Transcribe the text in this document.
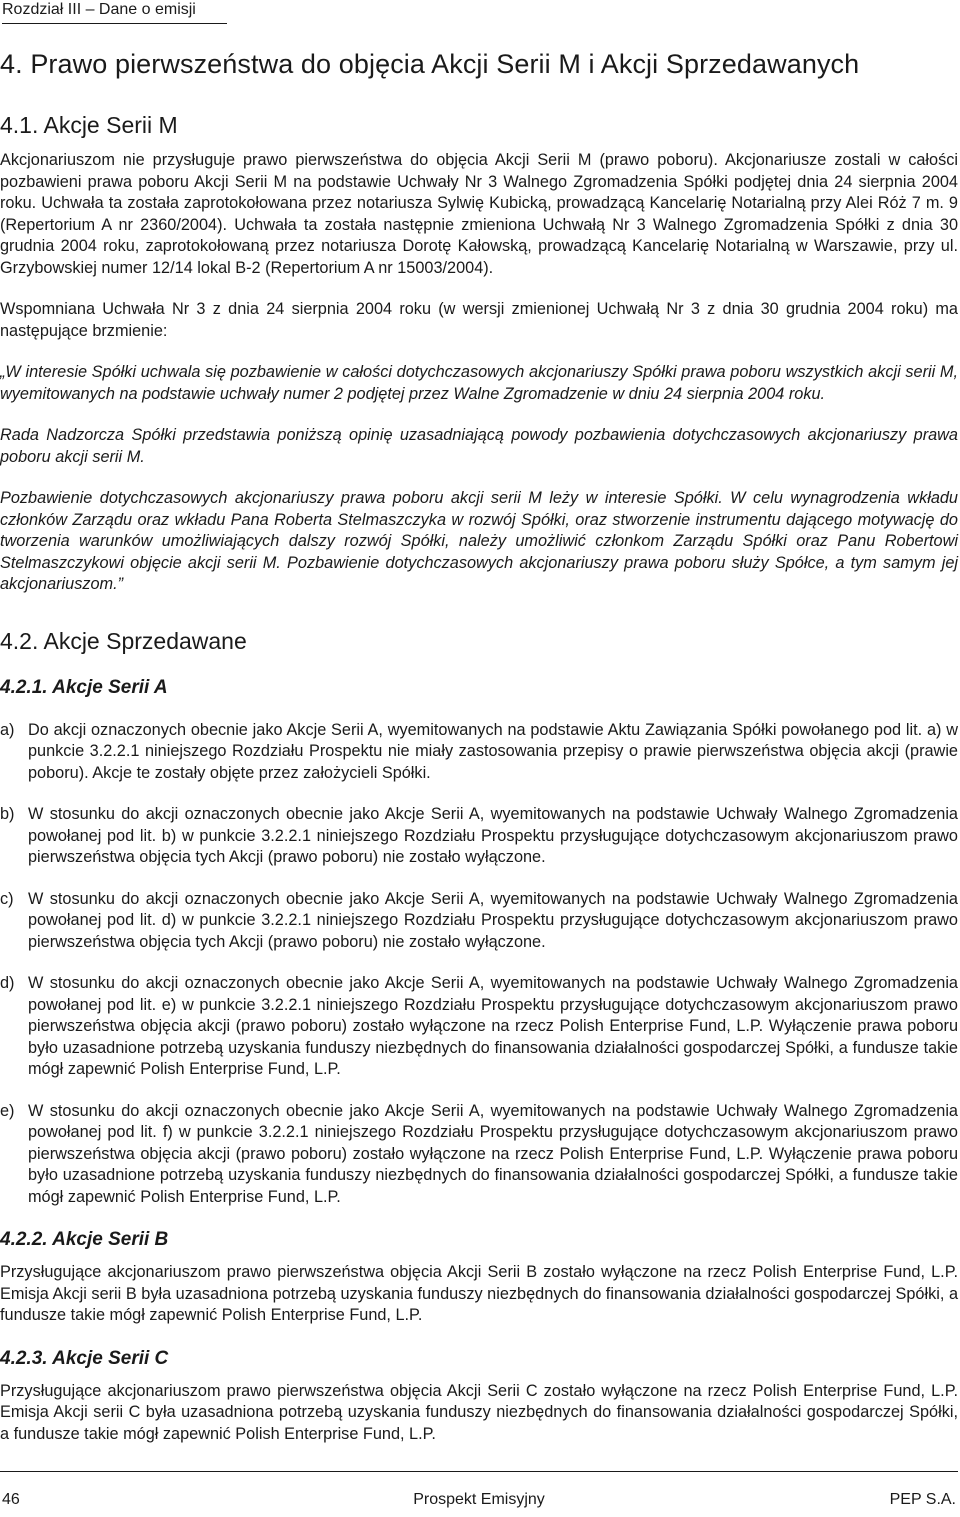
Rozdział III – Dane o emisji
4. Prawo pierwszeństwa do objęcia Akcji Serii M i Akcji Sprzedawanych
4.1. Akcje Serii M

Akcjonariuszom nie przysługuje prawo pierwszeństwa do objęcia Akcji Serii M (prawo poboru). Akcjonariusze zostali w całości pozbawieni prawa poboru Akcji Serii M na podstawie Uchwały Nr 3 Walnego Zgromadzenia Spółki podjętej dnia 24 sierpnia 2004 roku. Uchwała ta została zaprotokołowana przez notariusza Sylwię Kubicką, prowadzącą Kancelarię Notarialną przy Alei Róż 7 m. 9 (Repertorium A nr 2360/2004). Uchwała ta została następnie zmieniona Uchwałą Nr 3 Walnego Zgromadzenia Spółki z dnia 30 grudnia 2004 roku, zaprotokołowaną przez notariusza Dorotę Kałowską, prowadzącą Kancelarię Notarialną w Warszawie, przy ul. Grzybowskiej numer 12/14 lokal B-2 (Repertorium A nr 15003/2004).

Wspomniana Uchwała Nr 3 z dnia 24 sierpnia 2004 roku (w wersji zmienionej Uchwałą Nr 3 z dnia 30 grudnia 2004 roku) ma następujące brzmienie:

„W interesie Spółki uchwala się pozbawienie w całości dotychczasowych akcjonariuszy Spółki prawa poboru wszystkich akcji serii M, wyemitowanych na podstawie uchwały numer 2 podjętej przez Walne Zgromadzenie w dniu 24 sierpnia 2004 roku.

Rada Nadzorcza Spółki przedstawia poniższą opinię uzasadniającą powody pozbawienia dotychczasowych akcjonariuszy prawa poboru akcji serii M.

Pozbawienie dotychczasowych akcjonariuszy prawa poboru akcji serii M leży w interesie Spółki. W celu wynagrodzenia wkładu członków Zarządu oraz wkładu Pana Roberta Stelmaszczyka w rozwój Spółki, oraz stworzenie instrumentu dającego motywację do tworzenia warunków umożliwiających dalszy rozwój Spółki, należy umożliwić członkom Zarządu Spółki oraz Panu Robertowi Stelmaszczykowi objęcie akcji serii M. Pozbawienie dotychczasowych akcjonariuszy prawa poboru służy Spółce, a tym samym jej akcjonariuszom.”

4.2. Akcje Sprzedawane
4.2.1. Akcje Serii A
a) Do akcji oznaczonych obecnie jako Akcje Serii A, wyemitowanych na podstawie Aktu Zawiązania Spółki powołanego pod lit. a) w punkcie 3.2.2.1 niniejszego Rozdziału Prospektu nie miały zastosowania przepisy o prawie pierwszeństwa objęcia akcji (prawie poboru). Akcje te zostały objęte przez założycieli Spółki.
b) W stosunku do akcji oznaczonych obecnie jako Akcje Serii A, wyemitowanych na podstawie Uchwały Walnego Zgromadzenia powołanej pod lit. b) w punkcie 3.2.2.1 niniejszego Rozdziału Prospektu przysługujące dotychczasowym akcjonariuszom prawo pierwszeństwa objęcia tych Akcji (prawo poboru) nie zostało wyłączone.
c) W stosunku do akcji oznaczonych obecnie jako Akcje Serii A, wyemitowanych na podstawie Uchwały Walnego Zgromadzenia powołanej pod lit. d) w punkcie 3.2.2.1 niniejszego Rozdziału Prospektu przysługujące dotychczasowym akcjonariuszom prawo pierwszeństwa objęcia tych Akcji (prawo poboru) nie zostało wyłączone.
d) W stosunku do akcji oznaczonych obecnie jako Akcje Serii A, wyemitowanych na podstawie Uchwały Walnego Zgromadzenia powołanej pod lit. e) w punkcie 3.2.2.1 niniejszego Rozdziału Prospektu przysługujące dotychczasowym akcjonariuszom prawo pierwszeństwa objęcia akcji (prawo poboru) zostało wyłączone na rzecz Polish Enterprise Fund, L.P. Wyłączenie prawa poboru było uzasadnione potrzebą uzyskania funduszy niezbędnych do finansowania działalności gospodarczej Spółki, a fundusze takie mógł zapewnić Polish Enterprise Fund, L.P.
e) W stosunku do akcji oznaczonych obecnie jako Akcje Serii A, wyemitowanych na podstawie Uchwały Walnego Zgromadzenia powołanej pod lit. f) w punkcie 3.2.2.1 niniejszego Rozdziału Prospektu przysługujące dotychczasowym akcjonariuszom prawo pierwszeństwa objęcia akcji (prawo poboru) zostało wyłączone na rzecz Polish Enterprise Fund, L.P. Wyłączenie prawa poboru było uzasadnione potrzebą uzyskania funduszy niezbędnych do finansowania działalności gospodarczej Spółki, a fundusze takie mógł zapewnić Polish Enterprise Fund, L.P.
4.2.2. Akcje Serii B

Przysługujące akcjonariuszom prawo pierwszeństwa objęcia Akcji Serii B zostało wyłączone na rzecz Polish Enterprise Fund, L.P. Emisja Akcji serii B była uzasadniona potrzebą uzyskania funduszy niezbędnych do finansowania działalności gospodarczej Spółki, a fundusze takie mógł zapewnić Polish Enterprise Fund, L.P.

4.2.3. Akcje Serii C

Przysługujące akcjonariuszom prawo pierwszeństwa objęcia Akcji Serii C zostało wyłączone na rzecz Polish Enterprise Fund, L.P. Emisja Akcji serii C była uzasadniona potrzebą uzyskania funduszy niezbędnych do finansowania działalności gospodarczej Spółki, a fundusze takie mógł zapewnić Polish Enterprise Fund, L.P.

46	Prospekt Emisyjny	PEP S.A.
